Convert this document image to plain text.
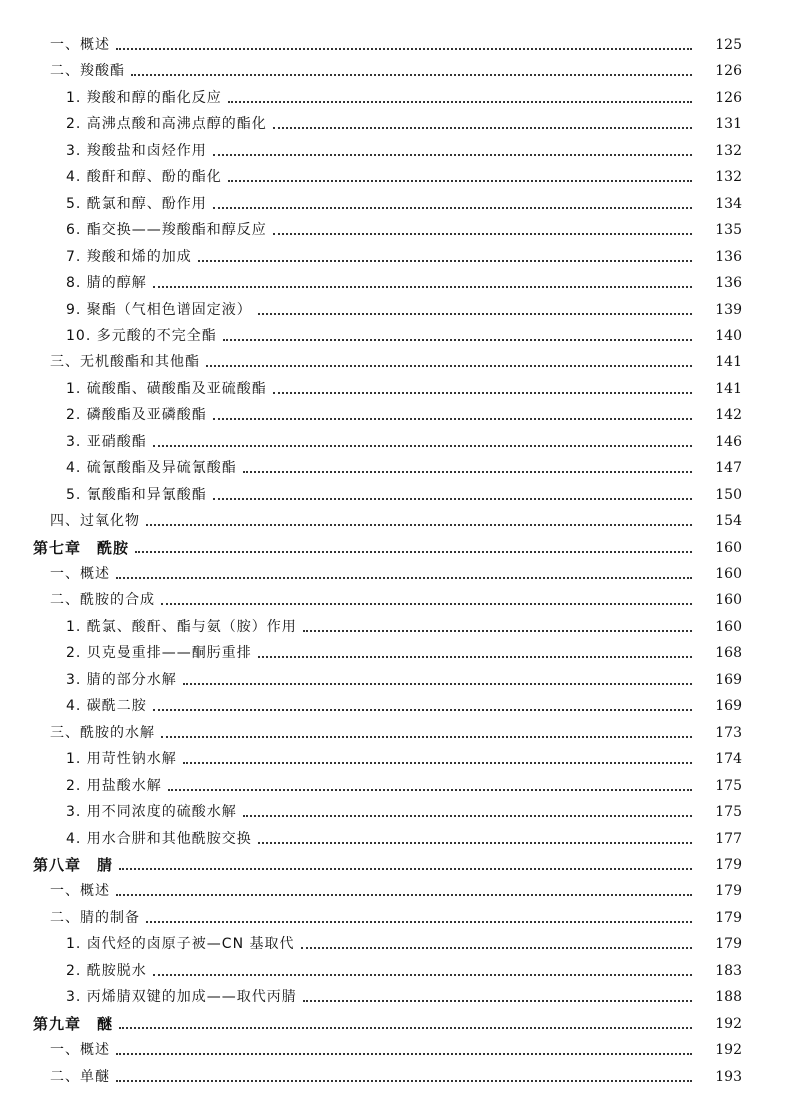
一、概述	125
二、羧酸酯	126
1. 羧酸和醇的酯化反应	126
2. 高沸点酸和高沸点醇的酯化	131
3. 羧酸盐和卤烃作用	132
4. 酸酐和醇、酚的酯化	132
5. 酰氯和醇、酚作用	134
6. 酯交换——羧酸酯和醇反应	135
7. 羧酸和烯的加成	136
8. 腈的醇解	136
9. 聚酯（气相色谱固定液）	139
10. 多元酸的不完全酯	140
三、无机酸酯和其他酯	141
1. 硫酸酯、磺酸酯及亚硫酸酯	141
2. 磷酸酯及亚磷酸酯	142
3. 亚硝酸酯	146
4. 硫氰酸酯及异硫氰酸酯	147
5. 氰酸酯和异氰酸酯	150
四、过氧化物	154
第七章　酰胺	160
一、概述	160
二、酰胺的合成	160
1. 酰氯、酸酐、酯与氨（胺）作用	160
2. 贝克曼重排——酮肟重排	168
3. 腈的部分水解	169
4. 碳酰二胺	169
三、酰胺的水解	173
1. 用苛性钠水解	174
2. 用盐酸水解	175
3. 用不同浓度的硫酸水解	175
4. 用水合肼和其他酰胺交换	177
第八章　腈	179
一、概述	179
二、腈的制备	179
1. 卤代烃的卤原子被—CN 基取代	179
2. 酰胺脱水	183
3. 丙烯腈双键的加成——取代丙腈	188
第九章　醚	192
一、概述	192
二、单醚	193
